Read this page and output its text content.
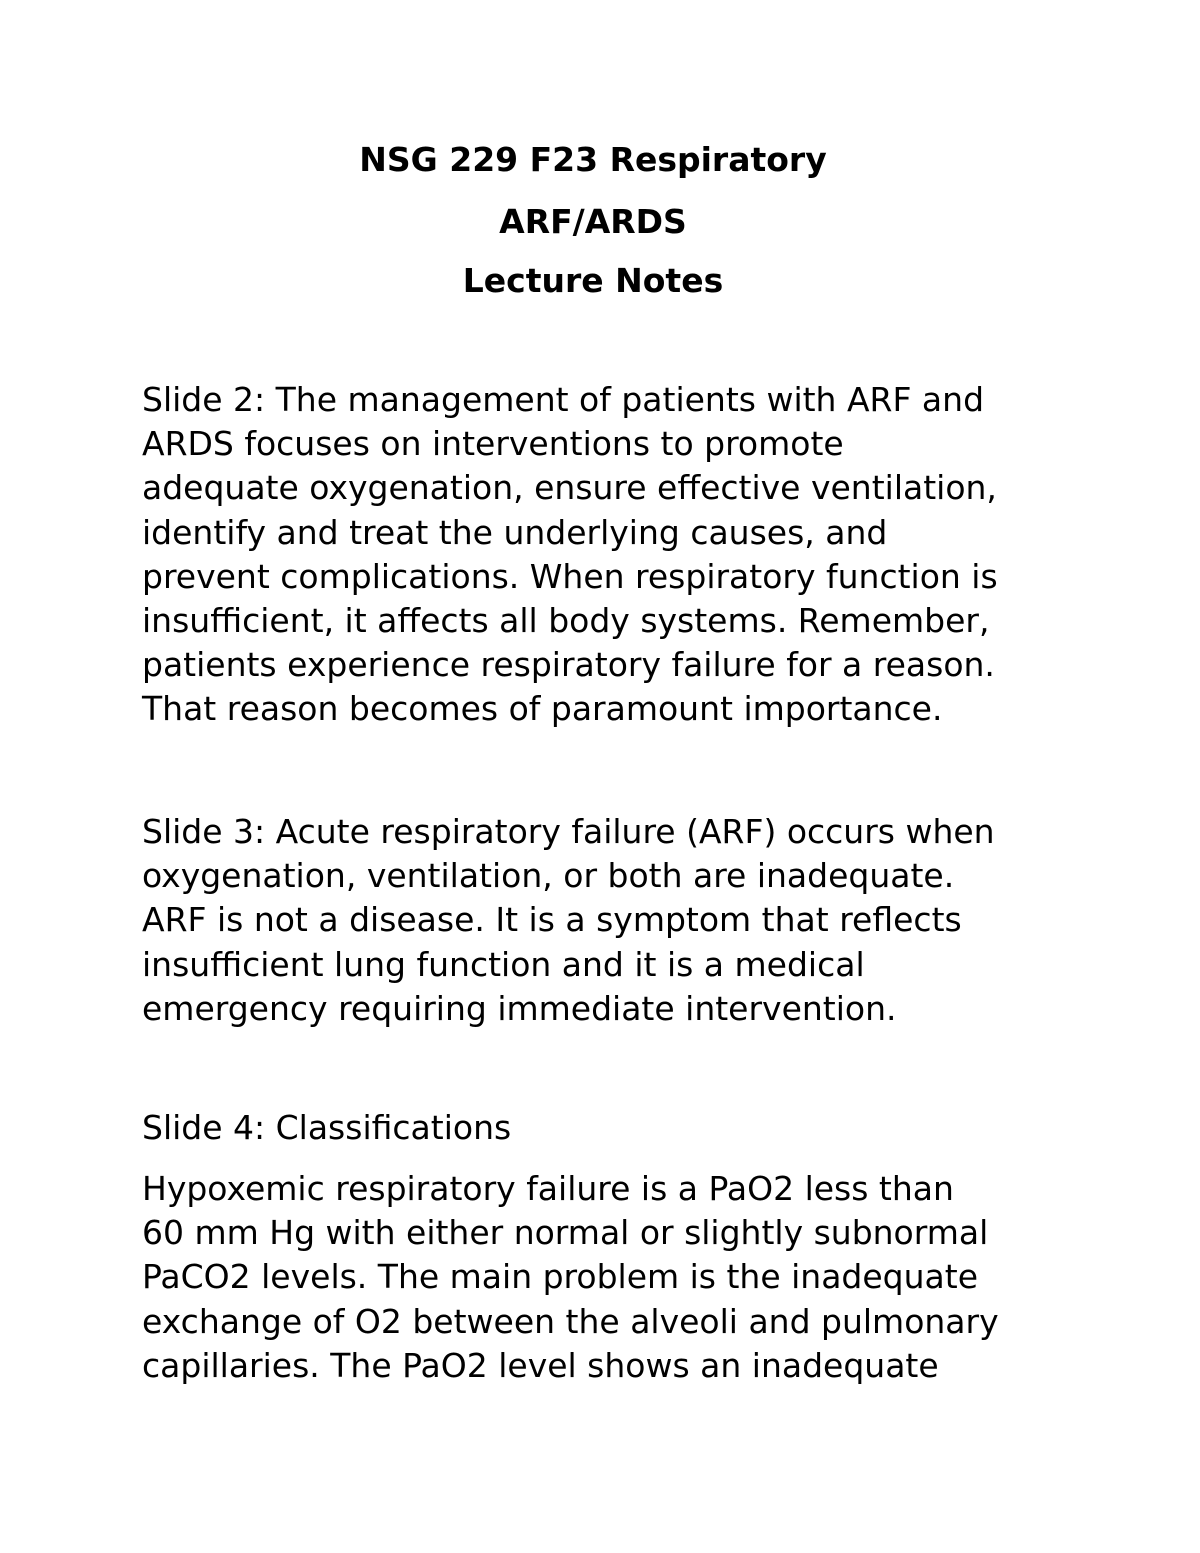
NSG 229 F23 Respiratory
ARF/ARDS
Lecture Notes
Slide 2: The management of patients with ARF and
ARDS focuses on interventions to promote
adequate oxygenation, ensure effective ventilation,
identify and treat the underlying causes, and
prevent complications. When respiratory function is
insufficient, it affects all body systems. Remember,
patients experience respiratory failure for a reason.
That reason becomes of paramount importance.
Slide 3: Acute respiratory failure (ARF) occurs when
oxygenation, ventilation, or both are inadequate.
ARF is not a disease. It is a symptom that reflects
insufficient lung function and it is a medical
emergency requiring immediate intervention.
Slide 4: Classifications
Hypoxemic respiratory failure is a PaO2 less than
60 mm Hg with either normal or slightly subnormal
PaCO2 levels. The main problem is the inadequate
exchange of O2 between the alveoli and pulmonary
capillaries. The PaO2 level shows an inadequate
